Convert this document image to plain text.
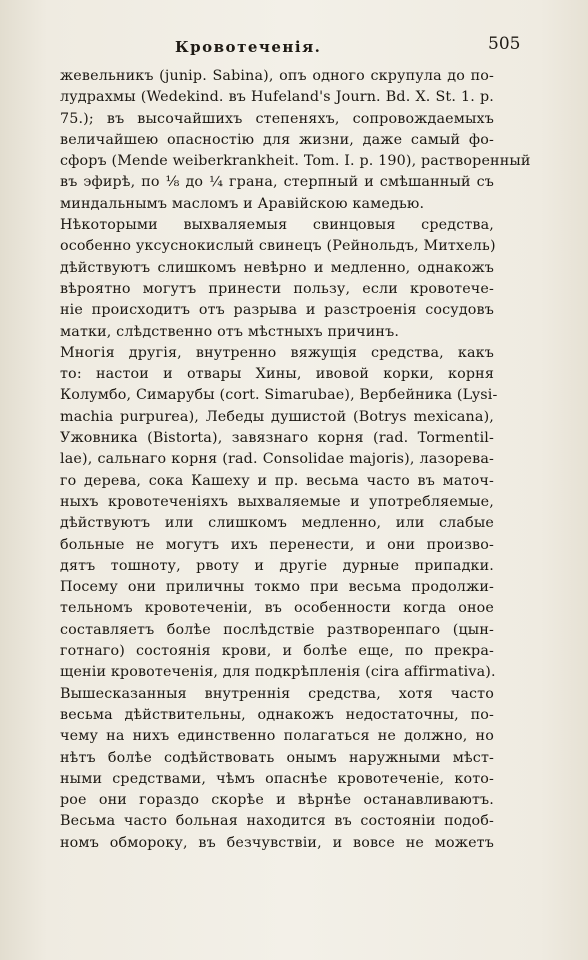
Кровотеченія.	505
жевельникъ (junip. Sabina), опъ одного скрупула до по-
лудрахмы (Wedekind. въ Hufeland's Journ. Bd. X. St. 1. p.
75.); въ высочайшихъ степеняхъ, сопровождаемыхъ
величайшею опасностію для жизни, даже самый фо-
сфоръ (Mende weiberkrankheit. Tom. I. p. 190), растворенный
въ эфирѣ, по ⅛ до ¼ грана, стерпный и смѣшанный съ
миндальнымъ масломъ и Аравійскою камедью.
Нѣкоторыми выхваляемыя свинцовыя средства,
особенно уксуснокислый свинецъ (Рейнольдъ, Митхель)
дѣйствуютъ слишкомъ невѣрно и медленно, однакожъ
вѣроятно могутъ принести пользу, если кровотече-
ніе происходитъ отъ разрыва и разстроенія сосудовъ
матки, слѣдственно отъ мѣстныхъ причинъ.
Многія другія, внутренно вяжущія средства, какъ
то: настои и отвары Хины, ивовой корки, корня
Колумбо, Симарубы (cort. Simarubae), Вербейника (Lysi-
machia purpurea), Лебеды душистой (Botrys mexicana),
Ужовника (Bistorta), завязнаго корня (rad. Tormentil-
lae), сальнаго корня (rad. Consolidae majoris), лазорева-
го дерева, сока Кашеху и пр. весьма часто въ маточ-
ныхъ кровотеченіяхъ выхваляемые и употребляемые,
дѣйствуютъ или слишкомъ медленно, или слабые
больные не могутъ ихъ перенести, и они произво-
дятъ тошноту, рвоту и другіе дурные припадки.
Посему они приличны токмо при весьма продолжи-
тельномъ кровотеченіи, въ особенности когда оное
составляетъ болѣе послѣдствіе разтворенпаго (цын-
готнаго) состоянія крови, и болѣе еще, по прекра-
щеніи кровотеченія, для подкрѣпленія (cira affirmativa).
Вышесказанныя внутреннія средства, хотя часто
весьма дѣйствительны, однакожъ недостаточны, по-
чему на нихъ единственно полагаться не должно, но
нѣтъ болѣе содѣйствовать онымъ наружными мѣст-
ными средствами, чѣмъ опаснѣе кровотеченіе, кото-
рое они гораздо скорѣе и вѣрнѣе останавливаютъ.
Весьма часто больная находится въ состояніи подоб-
номъ обмороку, въ безчувствіи, и вовсе не можетъ
